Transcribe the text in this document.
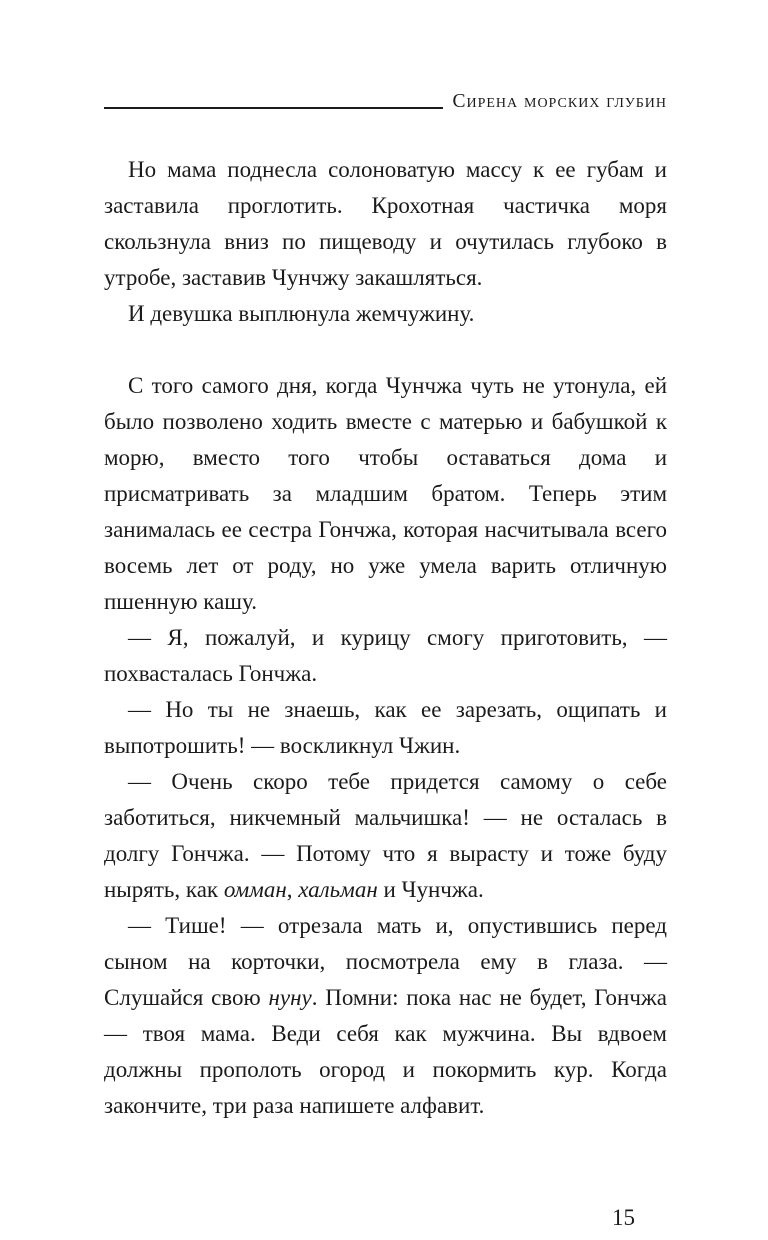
Сирена морских глубин

Но мама поднесла солоноватую массу к ее губам и заставила проглотить. Крохотная частичка моря скользнула вниз по пищеводу и очутилась глубоко в утробе, заставив Чунчжу закашляться.

И девушка выплюнула жемчужину.

С того самого дня, когда Чунчжа чуть не утонула, ей было позволено ходить вместе с матерью и бабушкой к морю, вместо того чтобы оставаться дома и присматривать за младшим братом. Теперь этим занималась ее сестра Гончжа, которая насчитывала всего восемь лет от роду, но уже умела варить отличную пшенную кашу.

— Я, пожалуй, и курицу смогу приготовить, — похвасталась Гончжа.

— Но ты не знаешь, как ее зарезать, ощипать и выпотрошить! — воскликнул Чжин.

— Очень скоро тебе придется самому о себе заботиться, никчемный мальчишка! — не осталась в долгу Гончжа. — Потому что я вырасту и тоже буду нырять, как омман, хальман и Чунчжа.

— Тише! — отрезала мать и, опустившись перед сыном на корточки, посмотрела ему в глаза. — Слушайся свою нуну. Помни: пока нас не будет, Гончжа — твоя мама. Веди себя как мужчина. Вы вдвоем должны прополоть огород и покормить кур. Когда закончите, три раза напишете алфавит.

15
